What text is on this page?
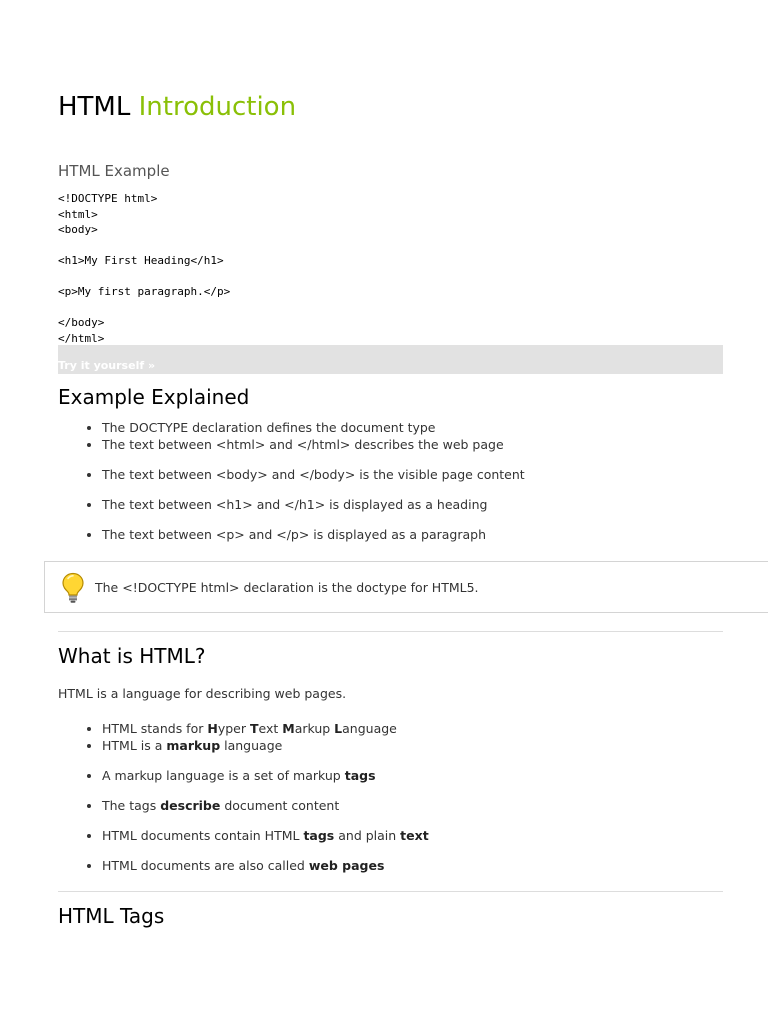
HTML Introduction
HTML Example
<!DOCTYPE html>
<html>
<body>

<h1>My First Heading</h1>

<p>My first paragraph.</p>

</body>
</html>
Try it yourself »
Example Explained
• The DOCTYPE declaration defines the document type
• The text between <html> and </html> describes the web page
• The text between <body> and </body> is the visible page content
• The text between <h1> and </h1> is displayed as a heading
• The text between <p> and </p> is displayed as a paragraph
The <!DOCTYPE html> declaration is the doctype for HTML5.
What is HTML?

HTML is a language for describing web pages.

• HTML stands for Hyper Text Markup Language
• HTML is a markup language
• A markup language is a set of markup tags
• The tags describe document content
• HTML documents contain HTML tags and plain text
• HTML documents are also called web pages
HTML Tags
